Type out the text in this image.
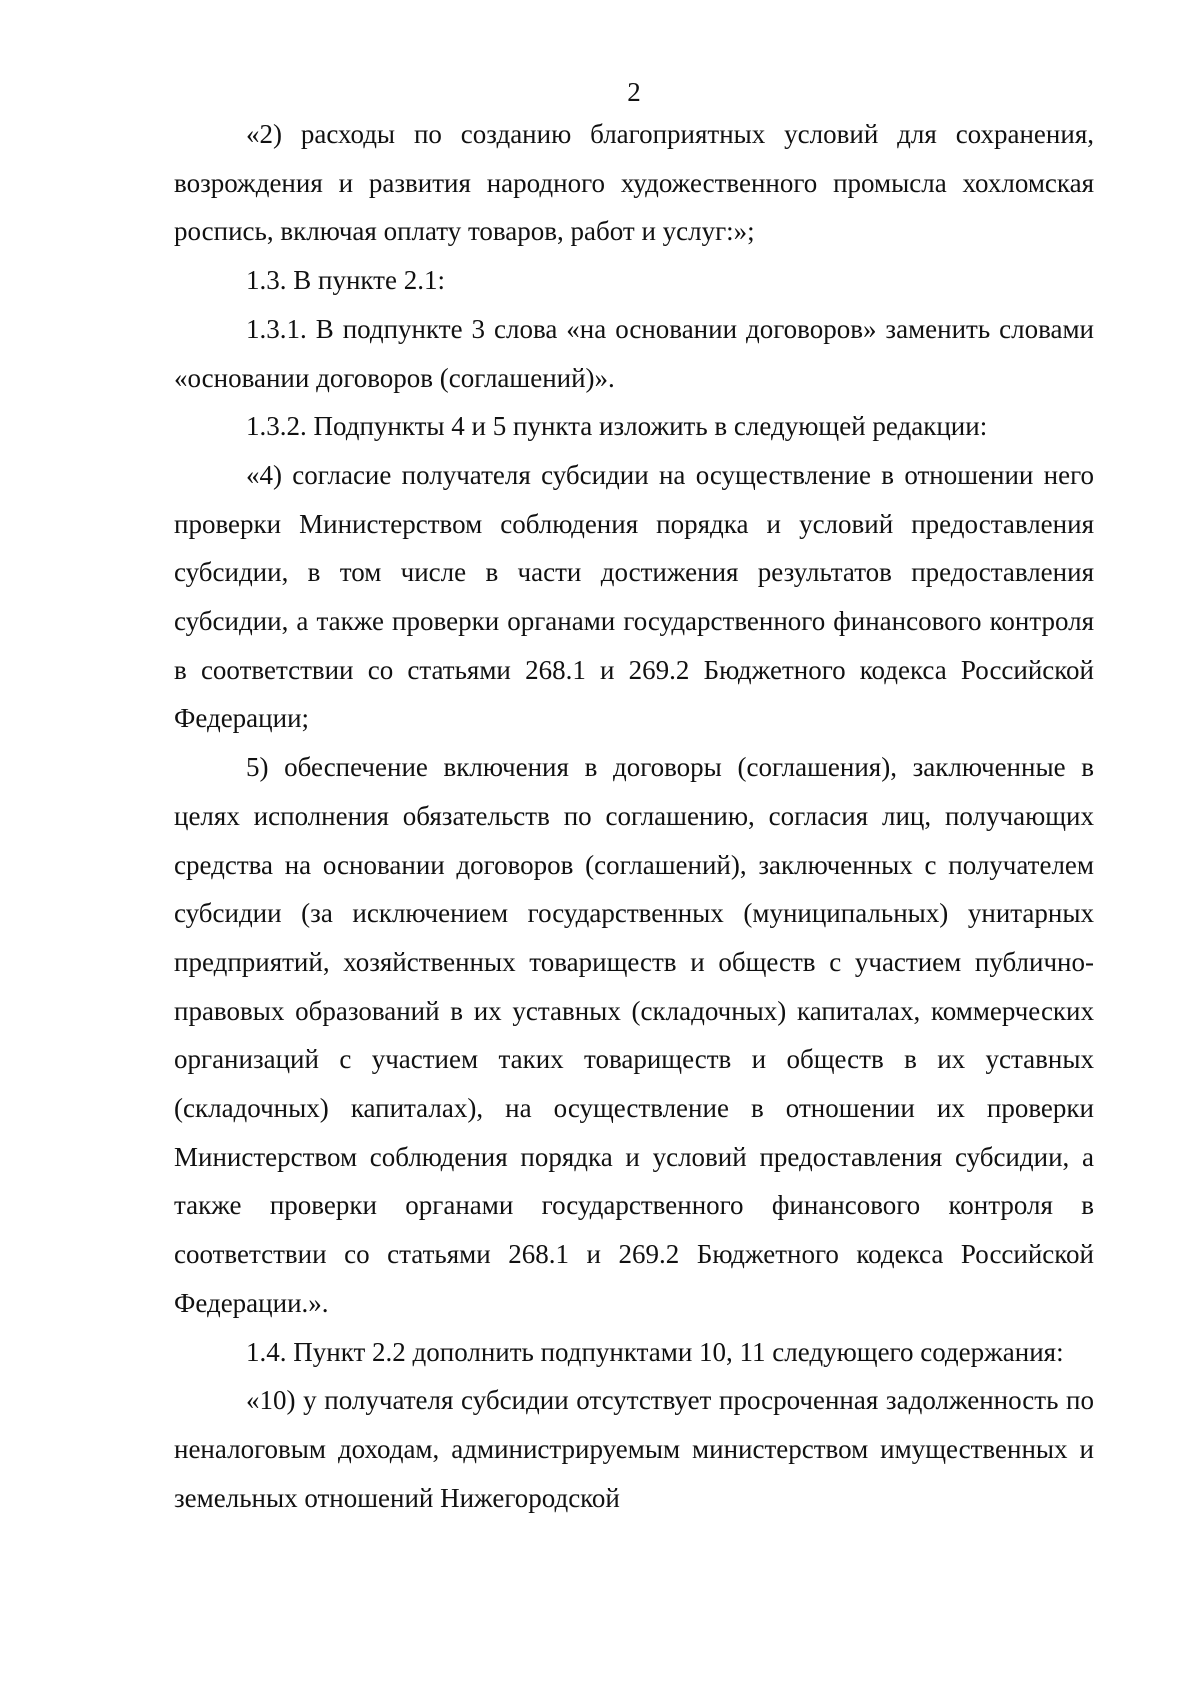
2

«2) расходы по созданию благоприятных условий для сохранения, возрождения и развития народного художественного промысла хохломская роспись, включая оплату товаров, работ и услуг:»;

1.3. В пункте 2.1:

1.3.1. В подпункте 3 слова «на основании договоров» заменить словами «основании договоров (соглашений)».

1.3.2. Подпункты 4 и 5 пункта изложить в следующей редакции:

«4) согласие получателя субсидии на осуществление в отношении него проверки Министерством соблюдения порядка и условий предоставления субсидии, в том числе в части достижения результатов предоставления субсидии, а также проверки органами государственного финансового контроля в соответствии со статьями 268.1 и 269.2 Бюджетного кодекса Российской Федерации;

5) обеспечение включения в договоры (соглашения), заключенные в целях исполнения обязательств по соглашению, согласия лиц, получающих средства на основании договоров (соглашений), заключенных с получателем субсидии (за исключением государственных (муниципальных) унитарных предприятий, хозяйственных товариществ и обществ с участием публично-правовых образований в их уставных (складочных) капиталах, коммерческих организаций с участием таких товариществ и обществ в их уставных (складочных) капиталах), на осуществление в отношении их проверки Министерством соблюдения порядка и условий предоставления субсидии, а также проверки органами государственного финансового контроля в соответствии со статьями 268.1 и 269.2 Бюджетного кодекса Российской Федерации.».

1.4. Пункт 2.2 дополнить подпунктами 10, 11 следующего содержания:

«10) у получателя субсидии отсутствует просроченная задолженность по неналоговым доходам, администрируемым министерством имущественных и земельных отношений Нижегородской
